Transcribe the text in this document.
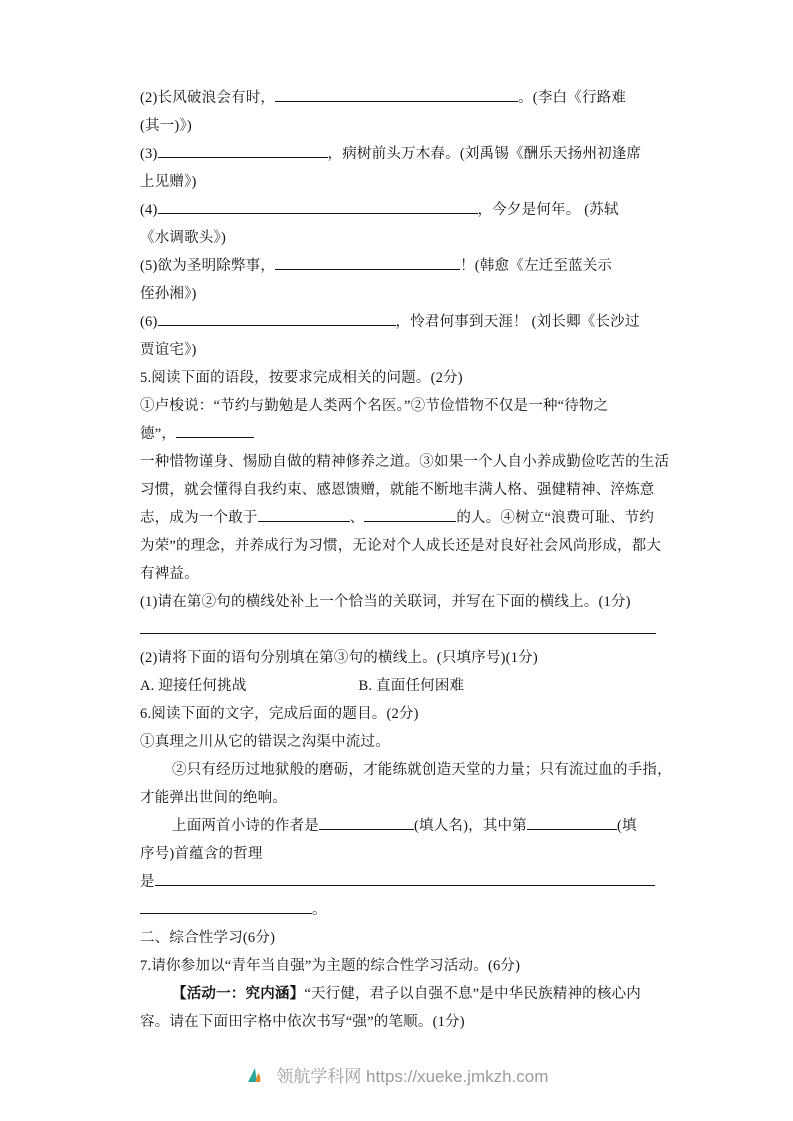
(2)长风破浪会有时，	。(李白《行路难
(其一)》)
(3)	，病树前头万木春。(刘禹锡《酬乐天扬州初逢席
上见赠》)
(4)	，今夕是何年。 (苏轼
《水调歌头》)
(5)欲为圣明除弊事，	！(韩愈《左迁至蓝关示
侄孙湘》)
(6)	，怜君何事到天涯！ (刘长卿《长沙过
贾谊宅》)
5.阅读下面的语段，按要求完成相关的问题。(2分)
①卢梭说：“节约与勤勉是人类两个名医。”②节俭惜物不仅是一种“待物之
德”，
一种惜物谨身、惕励自做的精神修养之道。③如果一个人自小养成勤俭吃苦的生活
习惯，就会懂得自我约束、感恩馈赠，就能不断地丰满人格、强健精神、淬炼意
志，成为一个敢于	、	的人。④树立“浪费可耻、节约
为荣”的理念，并养成行为习惯，无论对个人成长还是对良好社会风尚形成，都大
有裨益。
(1)请在第②句的横线处补上一个恰当的关联词，并写在下面的横线上。(1分)
(2)请将下面的语句分别填在第③句的横线上。(只填序号)(1分)
A. 迎接任何挑战	B. 直面任何困难
6.阅读下面的文字，完成后面的题目。(2分)
①真理之川从它的错误之沟渠中流过。
②只有经历过地狱般的磨砺，才能练就创造天堂的力量；只有流过血的手指，
才能弹出世间的绝响。
上面两首小诗的作者是	(填人名)，其中第	(填
序号)首蕴含的哲理
是
。
二、综合性学习(6分)
7.请你参加以“青年当自强”为主题的综合性学习活动。(6分)
【活动一：究内涵】“天行健，君子以自强不息”是中华民族精神的核心内
容。请在下面田字格中依次书写“强”的笔顺。(1分)
领航学科网 https://xueke.jmkzh.com
